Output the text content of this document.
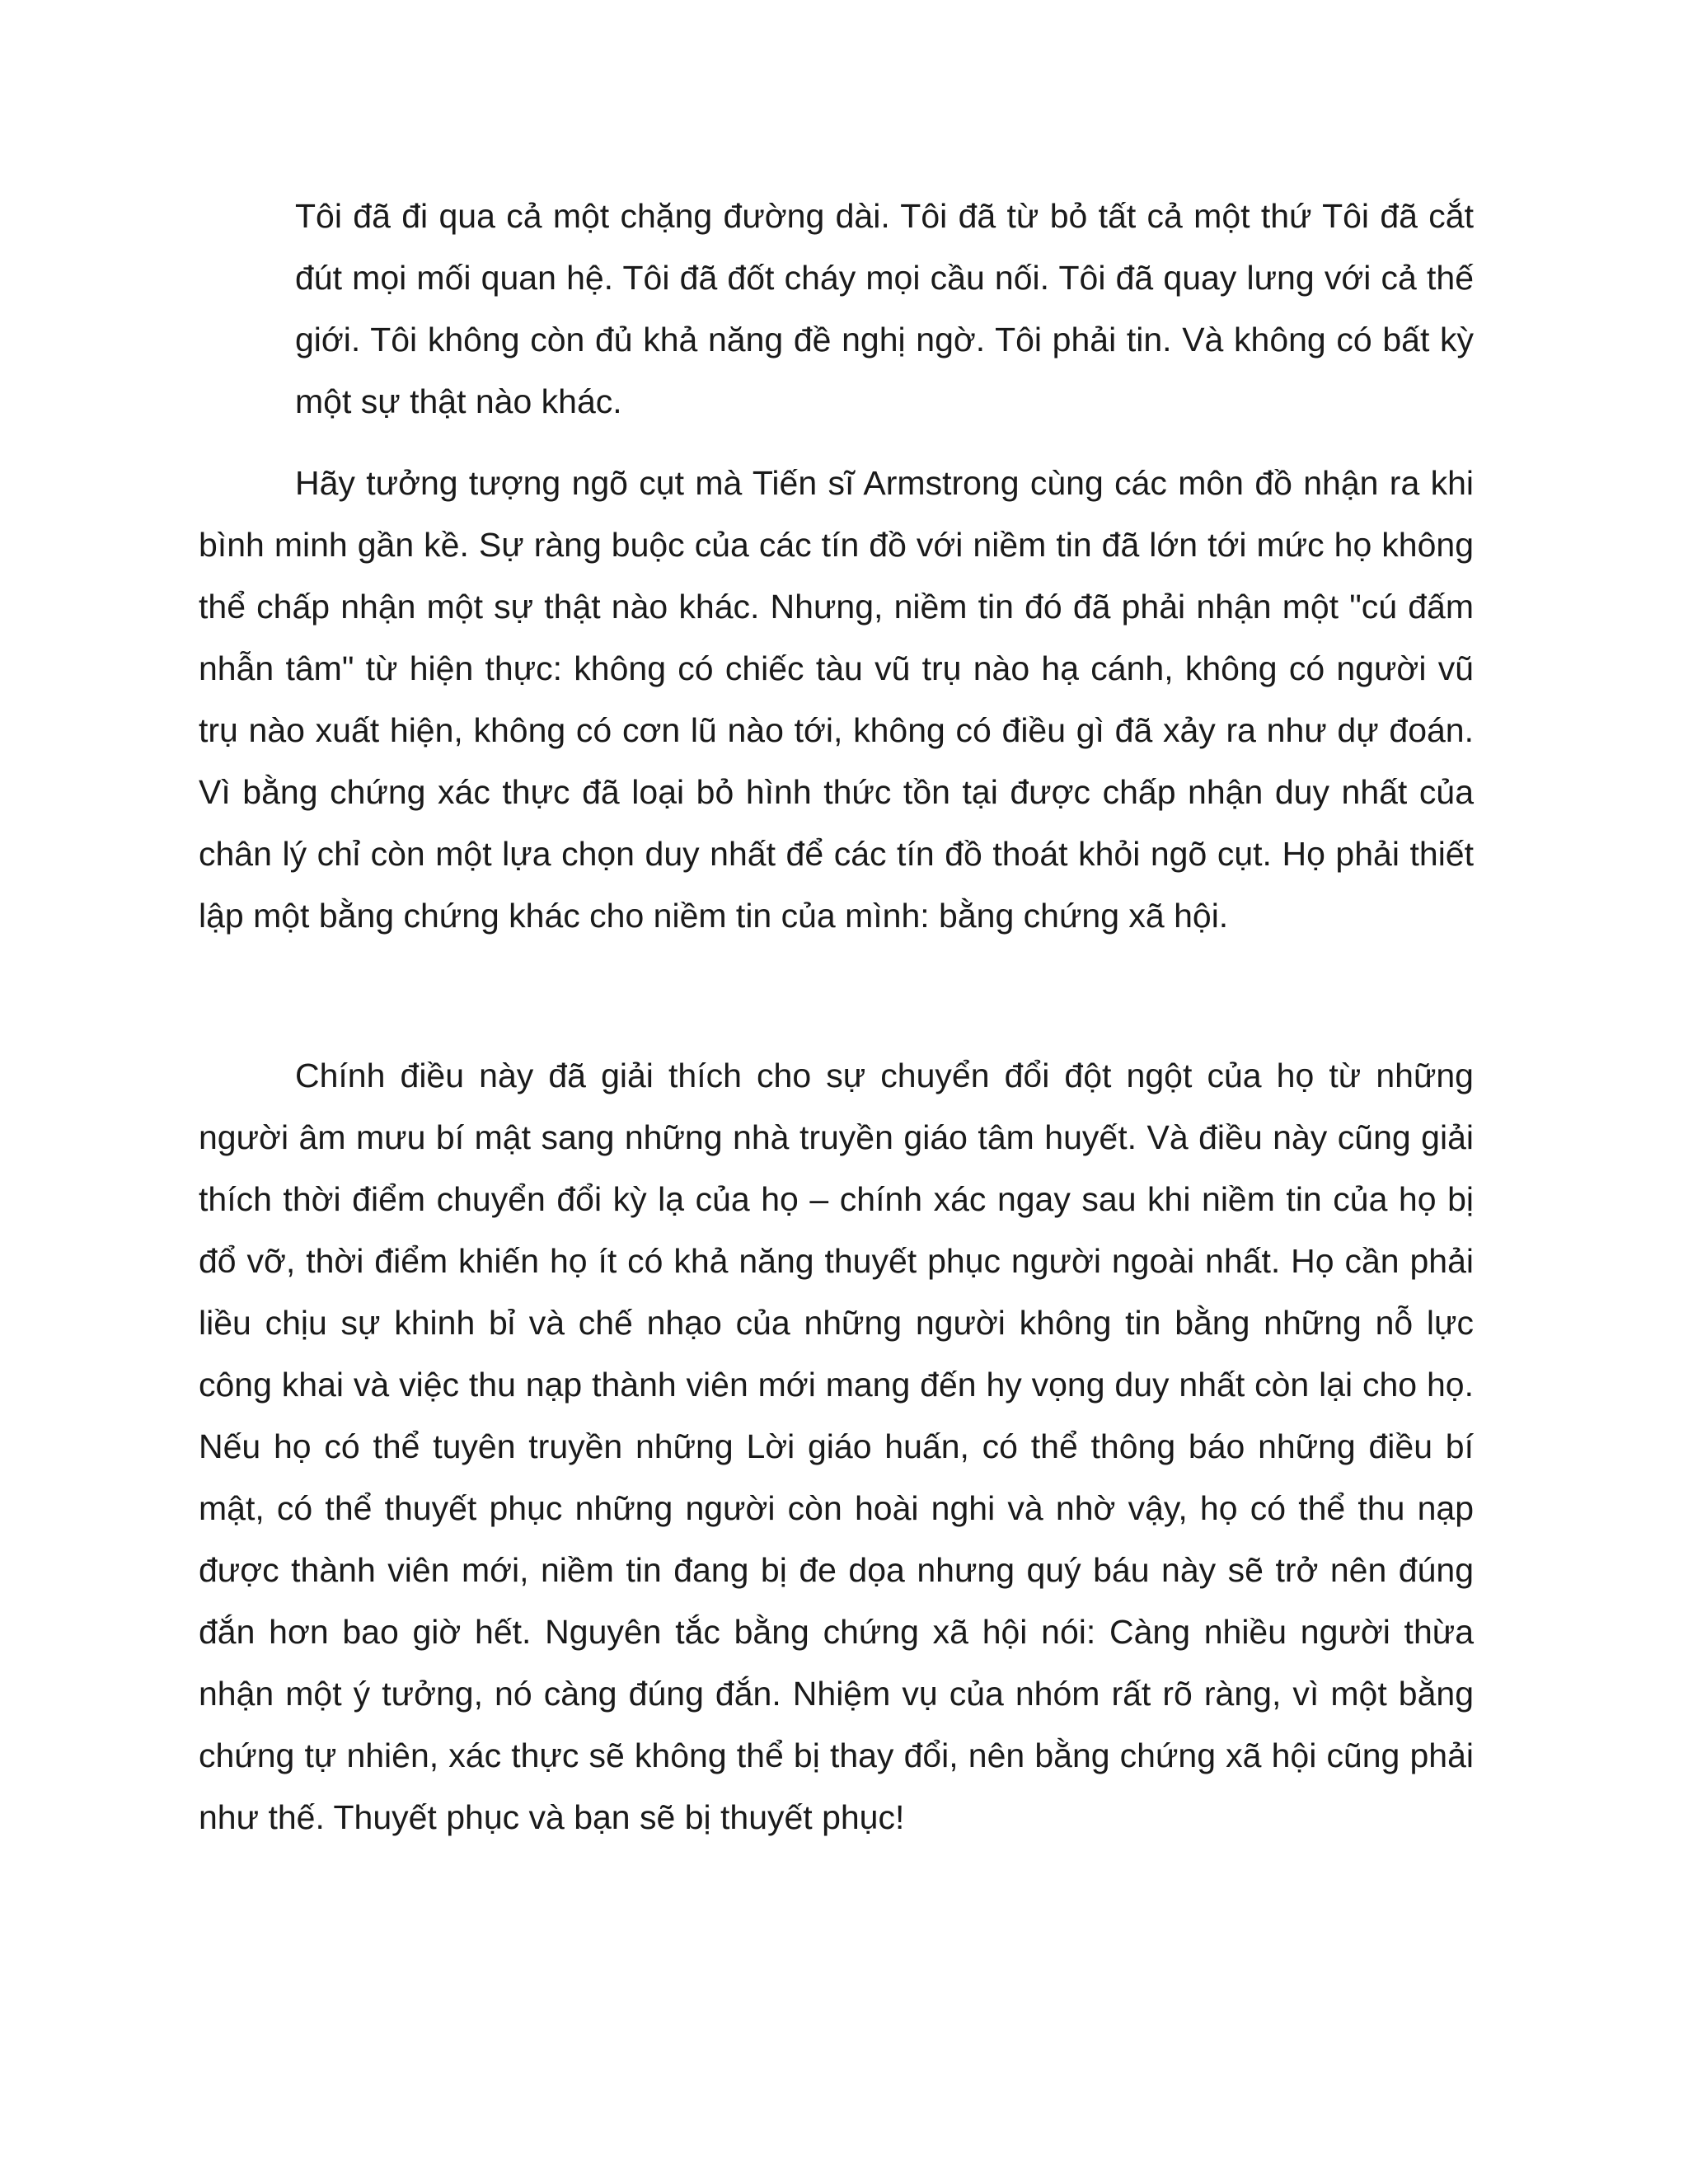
Tôi đã đi qua cả một chặng đường dài. Tôi đã từ bỏ tất cả một thứ Tôi đã cắt đút mọi mối quan hệ. Tôi đã đốt cháy mọi cầu nối. Tôi đã quay lưng với cả thế giới. Tôi không còn đủ khả năng đề nghị ngờ. Tôi phải tin. Và không có bất kỳ một sự thật nào khác.

Hãy tưởng tượng ngõ cụt mà Tiến sĩ Armstrong cùng các môn đồ nhận ra khi bình minh gần kề. Sự ràng buộc của các tín đồ với niềm tin đã lớn tới mức họ không thể chấp nhận một sự thật nào khác. Nhưng, niềm tin đó đã phải nhận một "cú đấm nhẫn tâm" từ hiện thực: không có chiếc tàu vũ trụ nào hạ cánh, không có người vũ trụ nào xuất hiện, không có cơn lũ nào tới, không có điều gì đã xảy ra như dự đoán. Vì bằng chứng xác thực đã loại bỏ hình thức tồn tại được chấp nhận duy nhất của chân lý chỉ còn một lựa chọn duy nhất để các tín đồ thoát khỏi ngõ cụt. Họ phải thiết lập một bằng chứng khác cho niềm tin của mình: bằng chứng xã hội.

Chính điều này đã giải thích cho sự chuyển đổi đột ngột của họ từ những người âm mưu bí mật sang những nhà truyền giáo tâm huyết. Và điều này cũng giải thích thời điểm chuyển đổi kỳ lạ của họ – chính xác ngay sau khi niềm tin của họ bị đổ vỡ, thời điểm khiến họ ít có khả năng thuyết phục người ngoài nhất. Họ cần phải liều chịu sự khinh bỉ và chế nhạo của những người không tin bằng những nỗ lực công khai và việc thu nạp thành viên mới mang đến hy vọng duy nhất còn lại cho họ. Nếu họ có thể tuyên truyền những Lời giáo huấn, có thể thông báo những điều bí mật, có thể thuyết phục những người còn hoài nghi và nhờ vậy, họ có thể thu nạp được thành viên mới, niềm tin đang bị đe dọa nhưng quý báu này sẽ trở nên đúng đắn hơn bao giờ hết. Nguyên tắc bằng chứng xã hội nói: Càng nhiều người thừa nhận một ý tưởng, nó càng đúng đắn. Nhiệm vụ của nhóm rất rõ ràng, vì một bằng chứng tự nhiên, xác thực sẽ không thể bị thay đổi, nên bằng chứng xã hội cũng phải như thế. Thuyết phục và bạn sẽ bị thuyết phục!
